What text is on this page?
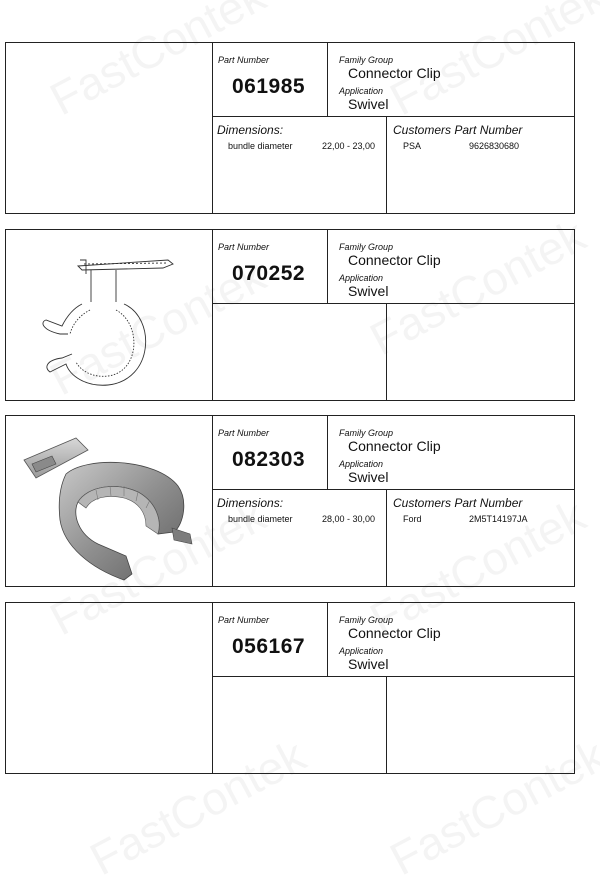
Part Number
061985
Family Group
Connector Clip
Application
Swivel
Dimensions:
bundle diameter	22,00 - 23,00
Customers Part Number
PSA	9626830680
Part Number
070252
Family Group
Connector Clip
Application
Swivel
Part Number
082303
Family Group
Connector Clip
Application
Swivel
Dimensions:
bundle diameter	28,00 - 30,00
Customers Part Number
Ford	2M5T14197JA
Part Number
056167
Family Group
Connector Clip
Application
Swivel
